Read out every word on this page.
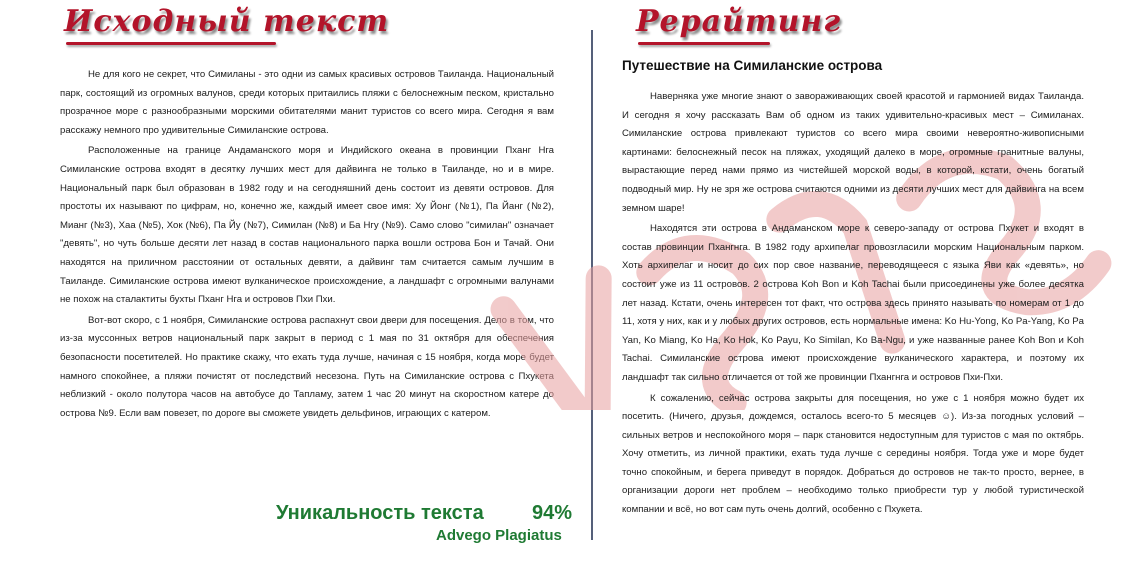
Исходный текст	Рерайтинг

Не для кого не секрет, что Симиланы - это одни из самых красивых островов Таиланда. Национальный парк, состоящий из огромных валунов, среди которых притаились пляжи с белоснежным песком, кристально прозрачное море с разнообразными морскими обитателями манит туристов со всего мира. Сегодня я вам расскажу немного про удивительные Симиланские острова.

Расположенные на границе Андаманского моря и Индийского океана в провинции Пханг Нга Симиланские острова входят в десятку лучших мест для дайвинга не только в Таиланде, но и в мире. Национальный парк был образован в 1982 году и на сегодняшний день состоит из девяти островов. Для простоты их называют по цифрам, но, конечно же, каждый имеет свое имя: Ху Йонг (№1), Па Йанг (№2), Мианг (№3), Хаа (№5), Хок (№6), Па Йу (№7), Симилан (№8) и Ба Нгу (№9). Само слово "симилан" означает "девять", но чуть больше десяти лет назад в состав национального парка вошли острова Бон и Тачай. Они находятся на приличном расстоянии от остальных девяти, а дайвинг там считается самым лучшим в Таиланде. Симиланские острова имеют вулканическое происхождение, а ландшафт с огромными валунами не похож на сталактиты бухты Пханг Нга и островов Пхи Пхи.

Вот-вот скоро, с 1 ноября, Симиланские острова распахнут свои двери для посещения. Дело в том, что из-за муссонных ветров национальный парк закрыт в период с 1 мая по 31 октября для обеспечения безопасности посетителей. Но практике скажу, что ехать туда лучше, начиная с 15 ноября, когда море будет намного спокойнее, а пляжи почистят от последствий несезона. Путь на Симиланские острова с Пхукета неблизкий - около полутора часов на автобусе до Тапламу, затем 1 час 20 минут на скоростном катере до острова №9. Если вам повезет, по дороге вы сможете увидеть дельфинов, играющих с катером.

Путешествие на Симиланские острова

Наверняка уже многие знают о завораживающих своей красотой и гармонией видах Таиланда. И сегодня я хочу рассказать Вам об одном из таких удивительно-красивых мест – Симиланах. Симиланские острова привлекают туристов со всего мира своими невероятно-живописными картинами: белоснежный песок на пляжах, уходящий далеко в море, огромные гранитные валуны, вырастающие перед нами прямо из чистейшей морской воды, в которой, кстати, очень богатый подводный мир. Ну не зря же острова считаются одними из десяти лучших мест для дайвинга на всем земном шаре!

Находятся эти острова в Андаманском море к северо-западу от острова Пхукет и входят в состав провинции Пхангнга. В 1982 году архипелаг провозгласили морским Национальным парком. Хоть архипелаг и носит до сих пор свое название, переводящееся с языка Яви как «девять», но состоит уже из 11 островов. 2 острова Koh Bon и Koh Tachai были присоединены уже более десятка лет назад. Кстати, очень интересен тот факт, что острова здесь принято называть по номерам от 1 до 11, хотя у них, как и у любых других островов, есть нормальные имена: Ko Hu-Yong, Ko Pa-Yang, Ko Pa Yan, Ko Miang, Ko Ha, Ko Hok, Ko Payu, Ko Similan, Ko Ba-Ngu, и уже названные ранее Koh Bon и Koh Tachai. Симиланские острова имеют происхождение вулканического характера, и поэтому их ландшафт так сильно отличается от той же провинции Пхангнга и островов Пхи-Пхи.

К сожалению, сейчас острова закрыты для посещения, но уже с 1 ноября можно будет их посетить. (Ничего, друзья, дождемся, осталось всего-то 5 месяцев ☺). Из-за погодных условий – сильных ветров и неспокойного моря – парк становится недоступным для туристов с мая по октябрь. Хочу отметить, из личной практики, ехать туда лучше с середины ноября. Тогда уже и море будет точно спокойным, и берега приведут в порядок. Добраться до островов не так-то просто, вернее, в организации дороги нет проблем – необходимо только приобрести тур у любой туристической компании и всё, но вот сам путь очень долгий, особенно с Пхукета.

Уникальность текста 94%
Advego Plagiatus
